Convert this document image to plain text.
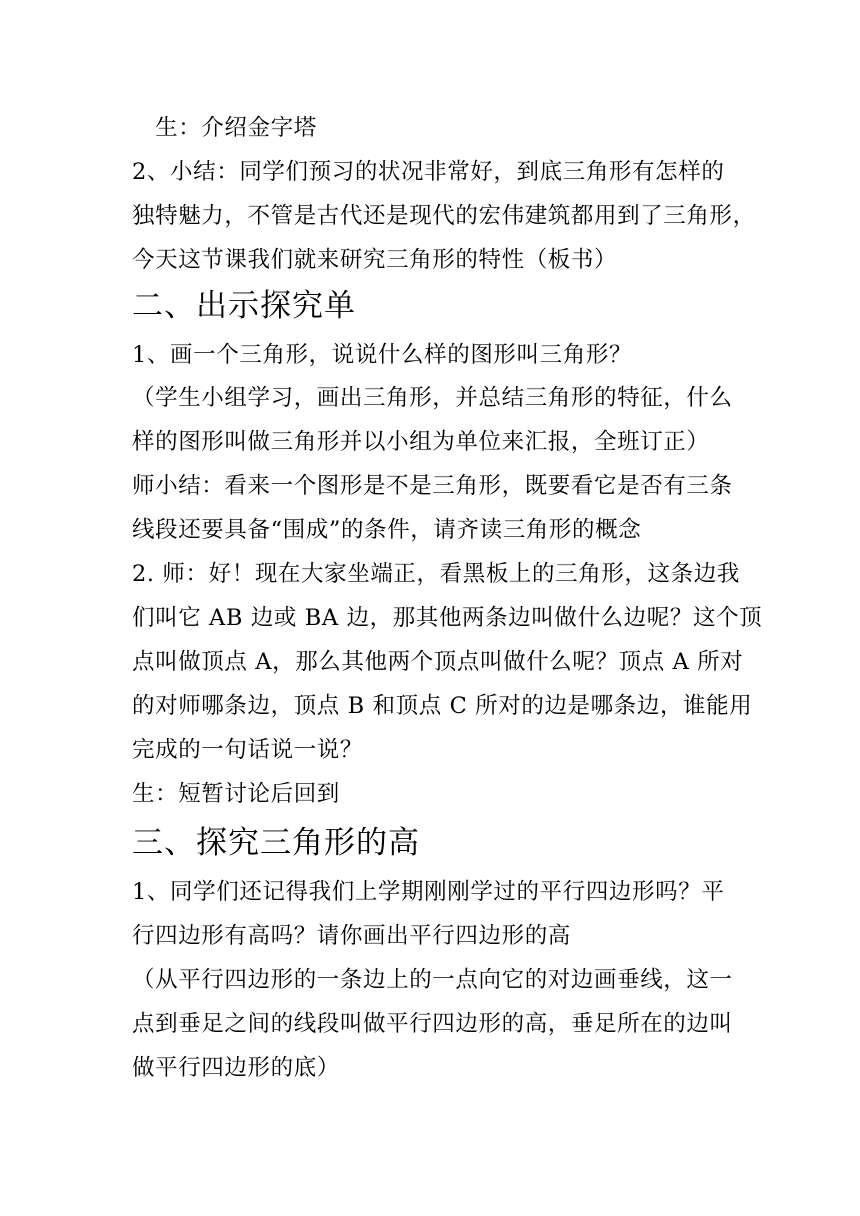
　生：介绍金字塔
2、小结：同学们预习的状况非常好，到底三角形有怎样的
独特魅力，不管是古代还是现代的宏伟建筑都用到了三角形，
今天这节课我们就来研究三角形的特性（板书）
二、出示探究单
1、画一个三角形，说说什么样的图形叫三角形？
（学生小组学习，画出三角形，并总结三角形的特征，什么
样的图形叫做三角形并以小组为单位来汇报，全班订正）
师小结：看来一个图形是不是三角形，既要看它是否有三条
线段还要具备“围成”的条件，请齐读三角形的概念
2. 师：好！现在大家坐端正，看黑板上的三角形，这条边我
们叫它 AB 边或 BA 边，那其他两条边叫做什么边呢？这个顶
点叫做顶点 A，那么其他两个顶点叫做什么呢？顶点 A 所对
的对师哪条边，顶点 B 和顶点 C 所对的边是哪条边，谁能用
完成的一句话说一说？
生：短暂讨论后回到
三、探究三角形的高
1、同学们还记得我们上学期刚刚学过的平行四边形吗？平
行四边形有高吗？请你画出平行四边形的高
（从平行四边形的一条边上的一点向它的对边画垂线，这一
点到垂足之间的线段叫做平行四边形的高，垂足所在的边叫
做平行四边形的底）
